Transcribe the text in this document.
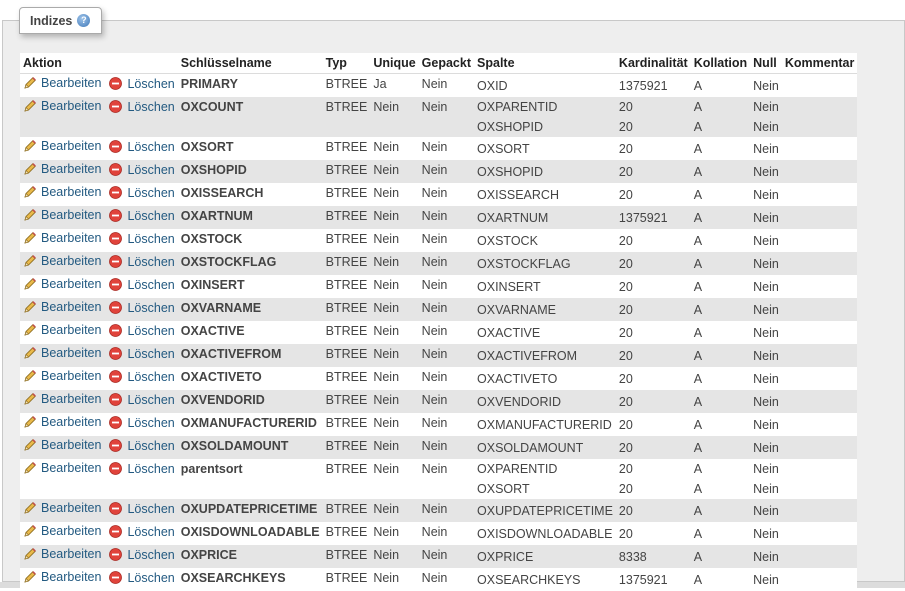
Indizes ?
Aktion	Schlüsselname	Typ	Unique	Gepackt	Spalte	Kardinalität	Kollation	Null	Kommentar

Bearbeiten Löschen	PRIMARY	BTREE	Ja	Nein	OXID	1375921	A	Nein	

Bearbeiten Löschen	OXCOUNT	BTREE	Nein	Nein	OXPARENTID	20	A	Nein	
					OXSHOPID	20	A	Nein	

Bearbeiten Löschen	OXSORT	BTREE	Nein	Nein	OXSORT	20	A	Nein	

Bearbeiten Löschen	OXSHOPID	BTREE	Nein	Nein	OXSHOPID	20	A	Nein	

Bearbeiten Löschen	OXISSEARCH	BTREE	Nein	Nein	OXISSEARCH	20	A	Nein	

Bearbeiten Löschen	OXARTNUM	BTREE	Nein	Nein	OXARTNUM	1375921	A	Nein	

Bearbeiten Löschen	OXSTOCK	BTREE	Nein	Nein	OXSTOCK	20	A	Nein	

Bearbeiten Löschen	OXSTOCKFLAG	BTREE	Nein	Nein	OXSTOCKFLAG	20	A	Nein	

Bearbeiten Löschen	OXINSERT	BTREE	Nein	Nein	OXINSERT	20	A	Nein	

Bearbeiten Löschen	OXVARNAME	BTREE	Nein	Nein	OXVARNAME	20	A	Nein	

Bearbeiten Löschen	OXACTIVE	BTREE	Nein	Nein	OXACTIVE	20	A	Nein	

Bearbeiten Löschen	OXACTIVEFROM	BTREE	Nein	Nein	OXACTIVEFROM	20	A	Nein	

Bearbeiten Löschen	OXACTIVETO	BTREE	Nein	Nein	OXACTIVETO	20	A	Nein	

Bearbeiten Löschen	OXVENDORID	BTREE	Nein	Nein	OXVENDORID	20	A	Nein	

Bearbeiten Löschen	OXMANUFACTURERID	BTREE	Nein	Nein	OXMANUFACTURERID	20	A	Nein	

Bearbeiten Löschen	OXSOLDAMOUNT	BTREE	Nein	Nein	OXSOLDAMOUNT	20	A	Nein	

Bearbeiten Löschen	parentsort	BTREE	Nein	Nein	OXPARENTID	20	A	Nein	
					OXSORT	20	A	Nein	

Bearbeiten Löschen	OXUPDATEPRICETIME	BTREE	Nein	Nein	OXUPDATEPRICETIME	20	A	Nein	

Bearbeiten Löschen	OXISDOWNLOADABLE	BTREE	Nein	Nein	OXISDOWNLOADABLE	20	A	Nein	

Bearbeiten Löschen	OXPRICE	BTREE	Nein	Nein	OXPRICE	8338	A	Nein	

Bearbeiten Löschen	OXSEARCHKEYS	BTREE	Nein	Nein	OXSEARCHKEYS	1375921	A	Nein	
